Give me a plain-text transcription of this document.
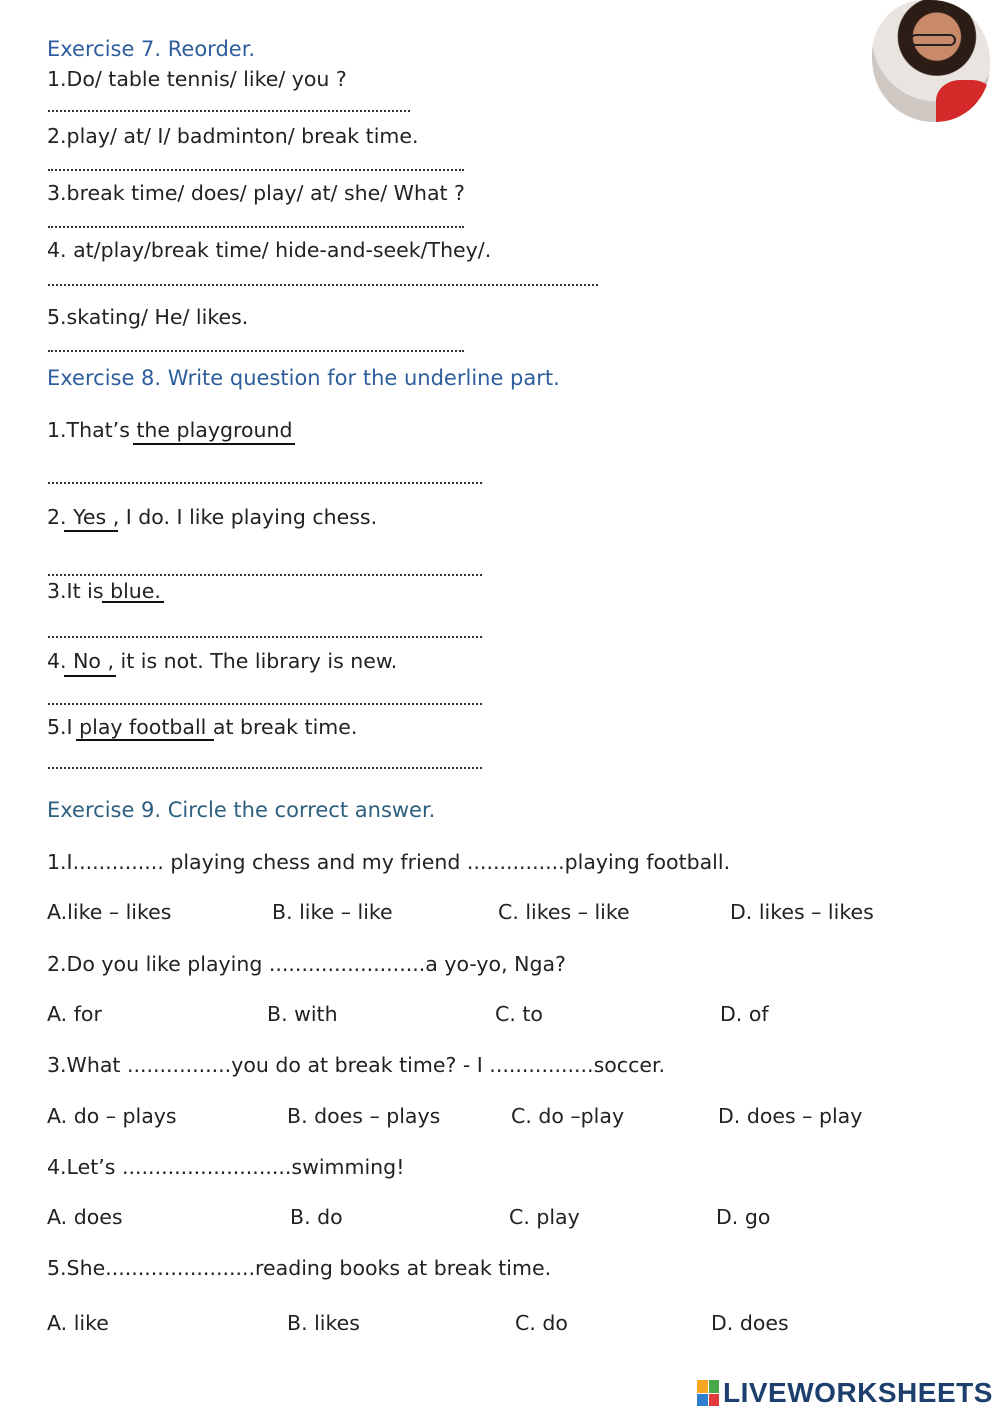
Exercise 7. Reorder.
1.Do/ table tennis/ like/ you ?
2.play/ at/ I/ badminton/ break time.
3.break time/ does/ play/ at/ she/ What ?
4. at/play/break time/ hide-and-seek/They/.
5.skating/ He/ likes.
Exercise 8. Write question for the underline part.
1.That’s the playground
2. Yes , I do. I like playing chess.
3.It is blue.
4. No , it is not. The library is new.
5.I play football at break time.
Exercise 9. Circle the correct answer.
1.I.............. playing chess and my friend ...............playing football.
A.like – likes	B. like – like	C. likes – like	D. likes – likes
2.Do you like playing ........................a yo-yo, Nga?
A. for	B. with	C. to	D. of
3.What ................you do at break time? - I ................soccer.
A. do – plays	B. does – plays	C. do –play	D. does – play
4.Let’s ..........................swimming!
A. does	B. do	C. play	D. go
5.She.......................reading books at break time.
A. like	B. likes	C. do	D. does
LIVEWORKSHEETS
